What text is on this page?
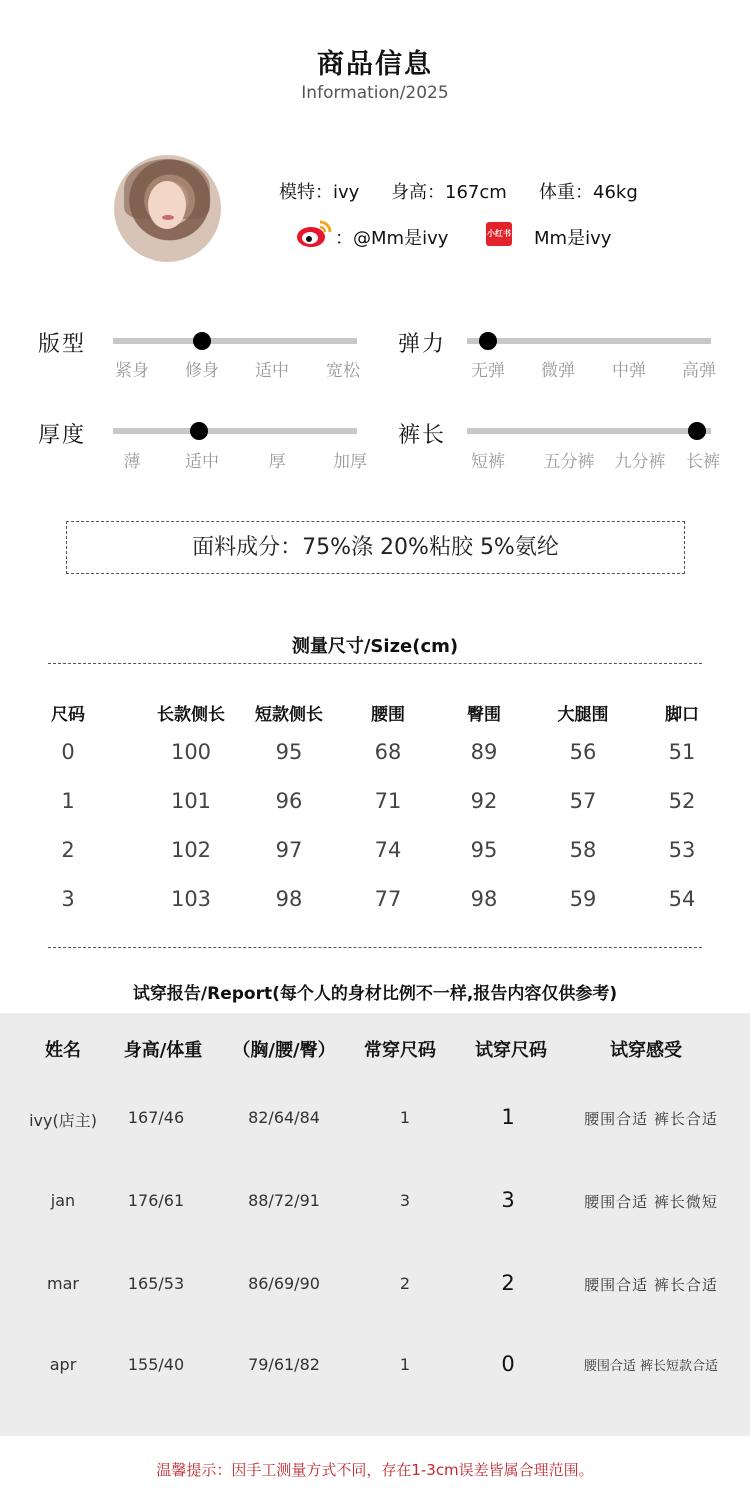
商品信息
Information/2025
模特：ivy 身高：167cm 体重：46kg
：@Mm是ivy	小红书 Mm是ivy
版型
紧身	修身	适中	宽松
弹力
无弹	微弹	中弹	高弹
厚度
薄	适中	厚	加厚
裤长
短裤	五分裤	九分裤	长裤
面料成分：75%涤 20%粘胶 5%氨纶
测量尺寸/Size(cm)
尺码	长款侧长	短款侧长	腰围	臀围	大腿围	脚口
0	100	95	68	89	56	51
1	101	96	71	92	57	52
2	102	97	74	95	58	53
3	103	98	77	98	59	54
试穿报告/Report(每个人的身材比例不一样,报告内容仅供参考)
姓名 身高/体重 （胸/腰/臀） 常穿尺码 试穿尺码	试穿感受
ivy(店主) 167/46	82/64/84	1	1	腰围合适 裤长合适
jan	176/61	88/72/91	3	3	腰围合适 裤长微短
mar	165/53	86/69/90	2	2	腰围合适 裤长合适
apr	155/40	79/61/82	1	0	腰围合适 裤长短款合适
温馨提示：因手工测量方式不同，存在1-3cm误差皆属合理范围。
